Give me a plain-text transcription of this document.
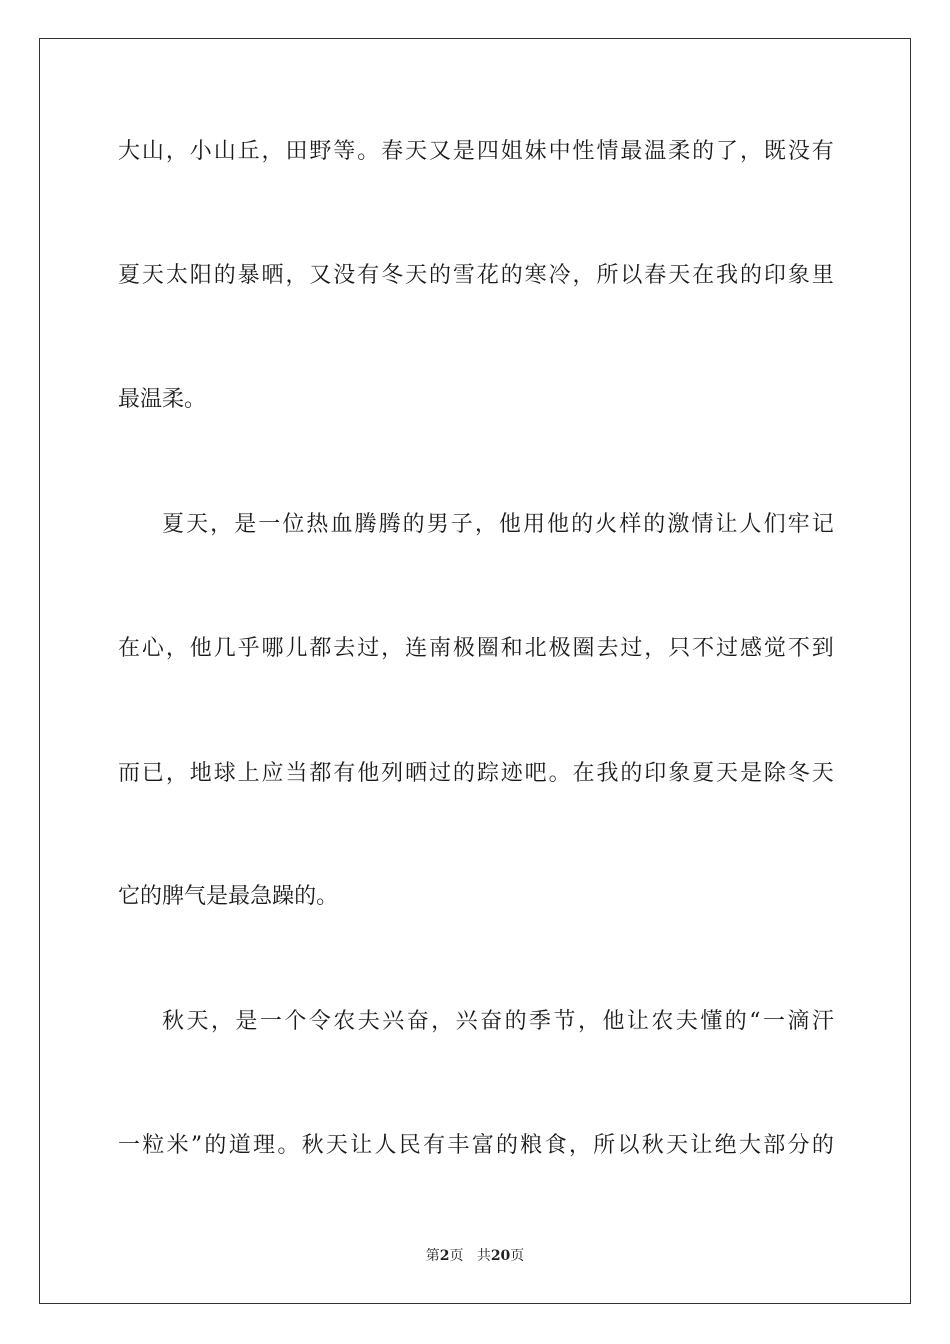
大 山 ， 小 山 丘 ， 田 野 等 。 春 天 又 是 四 姐 妹 中 性 情 最 温 柔 的 了 ， 既 没 有
夏 天 太 阳 的 暴 晒 ， 又 没 有 冬 天 的 雪 花 的 寒 冷 ， 所 以 春 天 在 我 的 印 象 里
最 温 柔 。
夏 天 ， 是 一 位 热 血 腾 腾 的 男 子 ， 他 用 他 的 火 样 的 激 情 让 人 们 牢 记
在 心 ， 他 几 乎 哪 儿 都 去 过 ， 连 南 极 圈 和 北 极 圈 去 过 ， 只 不 过 感 觉 不 到
而 已 ， 地 球 上 应 当 都 有 他 列 晒 过 的 踪 迹 吧 。 在 我 的 印 象 夏 天 是 除 冬 天
它 的 脾 气 是 最 急 躁 的 。
秋 天 ， 是 一 个 令 农 夫 兴 奋 ， 兴 奋 的 季 节 ， 他 让 农 夫 懂 的 “ 一 滴 汗
一 粒 米 ” 的 道 理 。 秋 天 让 人 民 有 丰 富 的 粮 食 ， 所 以 秋 天 让 绝 大 部 分 的
第2页 共20页
